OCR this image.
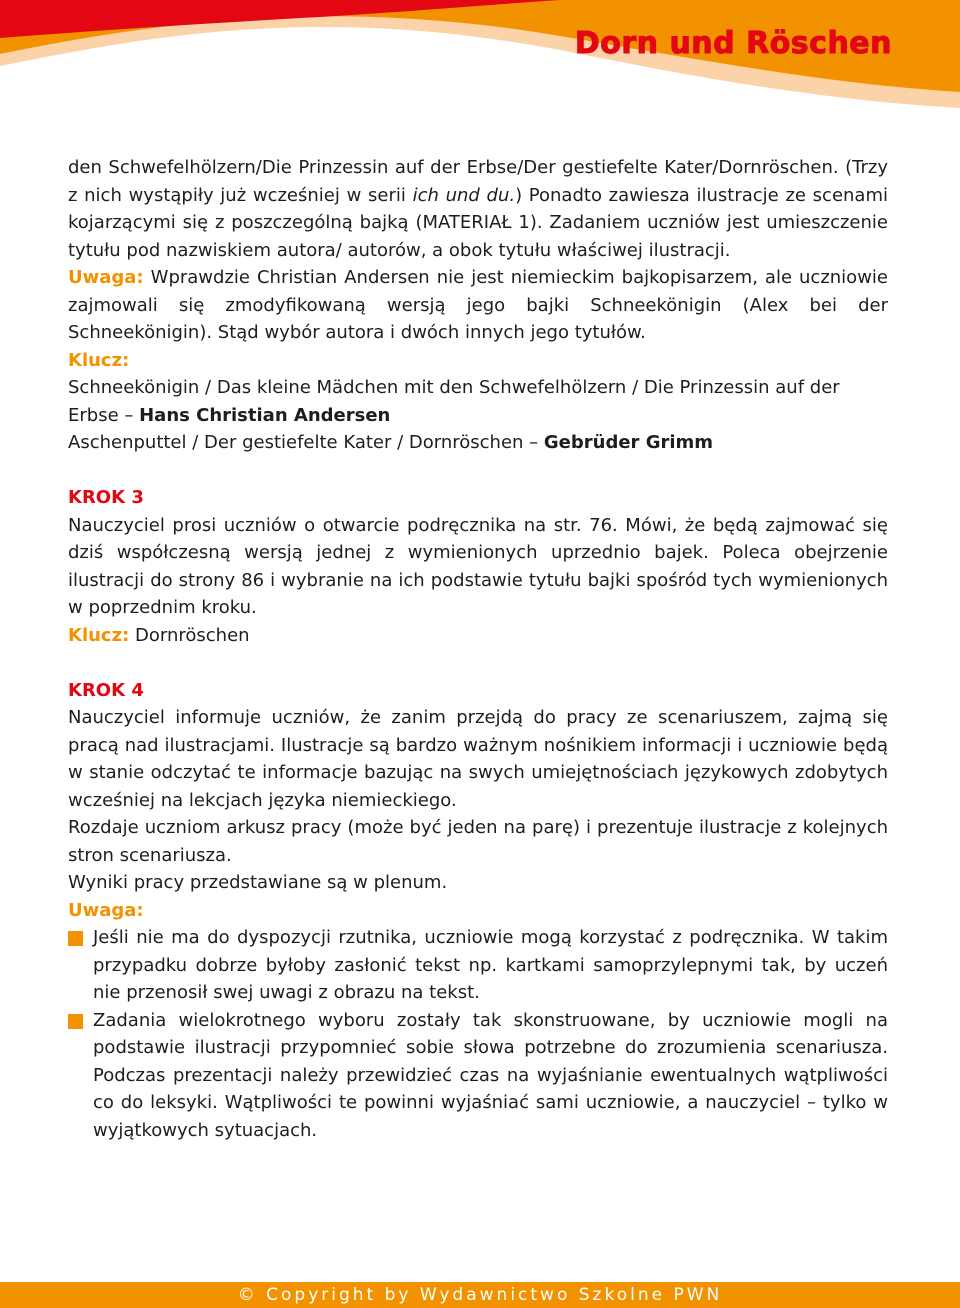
Dorn und Röschen

den Schwefelhölzern/Die Prinzessin auf der Erbse/Der gestiefelte Kater/Dornröschen. (Trzy z nich wystąpiły już wcześniej w serii ich und du.) Ponadto zawiesza ilustracje ze scenami kojarzącymi się z poszczególną bajką (MATERIAŁ 1). Zadaniem uczniów jest umieszczenie tytułu pod nazwiskiem autora/ autorów, a obok tytułu właściwej ilustracji.

Uwaga: Wprawdzie Christian Andersen nie jest niemieckim bajkopisarzem, ale uczniowie zajmowali się zmodyfikowaną wersją jego bajki Schneekönigin (Alex bei der Schneekönigin). Stąd wybór autora i dwóch innych jego tytułów.

Klucz:

Schneekönigin / Das kleine Mädchen mit den Schwefelhölzern / Die Prinzessin auf der Erbse – Hans Christian Andersen

Aschenputtel / Der gestiefelte Kater / Dornröschen – Gebrüder Grimm

KROK 3

Nauczyciel prosi uczniów o otwarcie podręcznika na str. 76. Mówi, że będą zajmować się dziś współczesną wersją jednej z wymienionych uprzednio bajek. Poleca obejrzenie ilustracji do strony 86 i wybranie na ich podstawie tytułu bajki spośród tych wymienionych w poprzednim kroku.

Klucz: Dornröschen

KROK 4

Nauczyciel informuje uczniów, że zanim przejdą do pracy ze scenariuszem, zajmą się pracą nad ilustracjami. Ilustracje są bardzo ważnym nośnikiem informacji i uczniowie będą w stanie odczytać te informacje bazując na swych umiejętnościach językowych zdobytych wcześniej na lekcjach języka niemieckiego.

Rozdaje uczniom arkusz pracy (może być jeden na parę) i prezentuje ilustracje z kolejnych stron scenariusza.

Wyniki pracy przedstawiane są w plenum.

Uwaga:

Jeśli nie ma do dyspozycji rzutnika, uczniowie mogą korzystać z podręcznika. W takim przypadku dobrze byłoby zasłonić tekst np. kartkami samoprzylepnymi tak, by uczeń nie przenosił swej uwagi z obrazu na tekst.
Zadania wielokrotnego wyboru zostały tak skonstruowane, by uczniowie mogli na podstawie ilustracji przypomnieć sobie słowa potrzebne do zrozumienia scenariusza. Podczas prezentacji należy przewidzieć czas na wyjaśnianie ewentualnych wątpliwości co do leksyki. Wątpliwości te powinni wyjaśniać sami uczniowie, a nauczyciel – tylko w wyjątkowych sytuacjach.
© Copyright by Wydawnictwo Szkolne PWN
